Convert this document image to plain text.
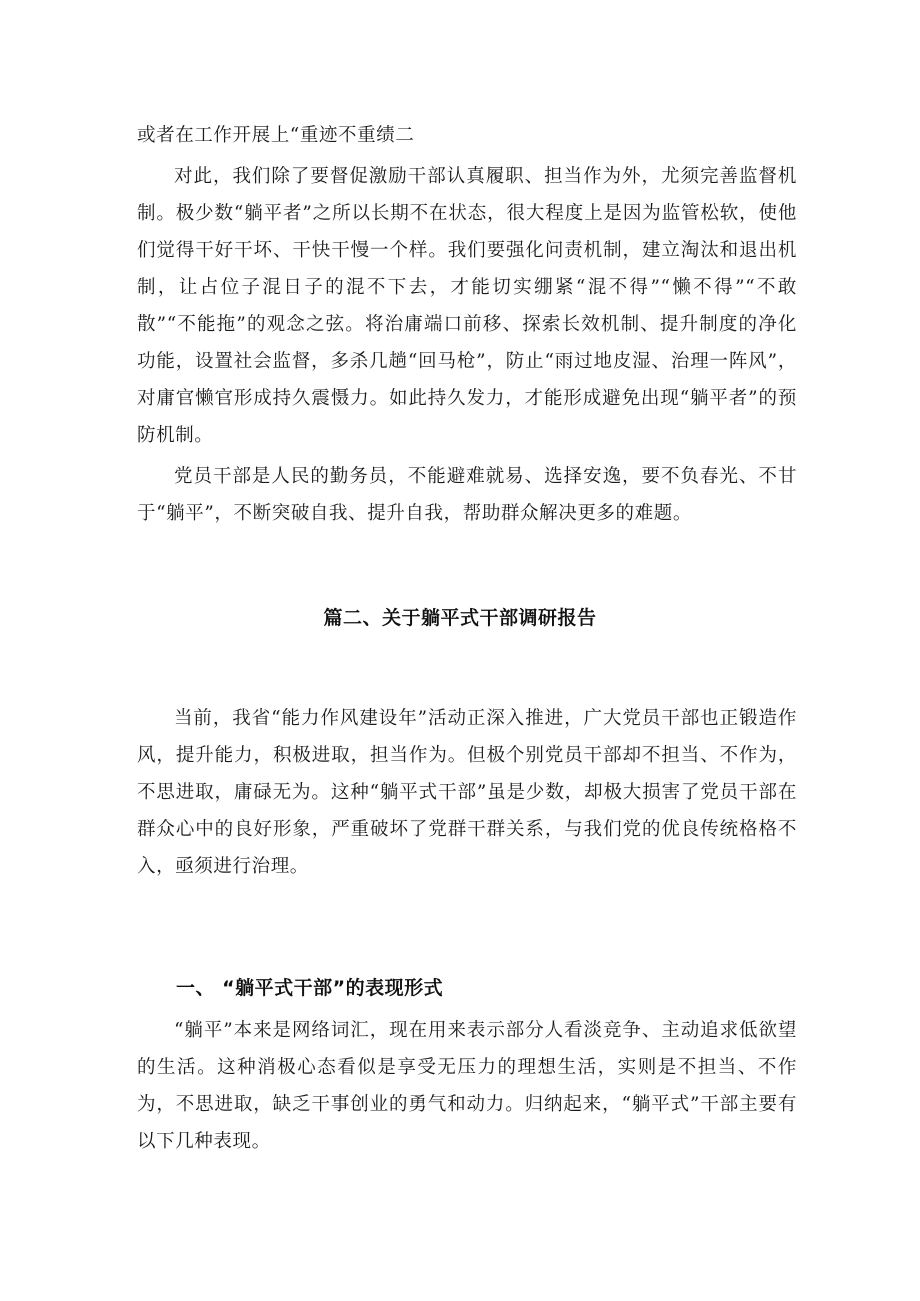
或者在工作开展上“重迹不重绩二

对此，我们除了要督促激励干部认真履职、担当作为外，尤须完善监督机制。极少数“躺平者”之所以长期不在状态，很大程度上是因为监管松软，使他们觉得干好干坏、干快干慢一个样。我们要强化问责机制，建立淘汰和退出机制，让占位子混日子的混不下去，才能切实绷紧“混不得”“懒不得”“不敢散”“不能拖”的观念之弦。将治庸端口前移、探索长效机制、提升制度的净化功能，设置社会监督，多杀几趟“回马枪”，防止“雨过地皮湿、治理一阵风”，对庸官懒官形成持久震慑力。如此持久发力，才能形成避免出现“躺平者”的预防机制。

党员干部是人民的勤务员，不能避难就易、选择安逸，要不负春光、不甘于“躺平”，不断突破自我、提升自我，帮助群众解决更多的难题。

篇二、关于躺平式干部调研报告

当前，我省“能力作风建设年”活动正深入推进，广大党员干部也正锻造作风，提升能力，积极进取，担当作为。但极个别党员干部却不担当、不作为，不思进取，庸碌无为。这种“躺平式干部”虽是少数，却极大损害了党员干部在群众心中的良好形象，严重破坏了党群干群关系，与我们党的优良传统格格不入，亟须进行治理。

一、 “躺平式干部”的表现形式

“躺平”本来是网络词汇，现在用来表示部分人看淡竞争、主动追求低欲望的生活。这种消极心态看似是享受无压力的理想生活，实则是不担当、不作为，不思进取，缺乏干事创业的勇气和动力。归纳起来，“躺平式”干部主要有以下几种表现。
